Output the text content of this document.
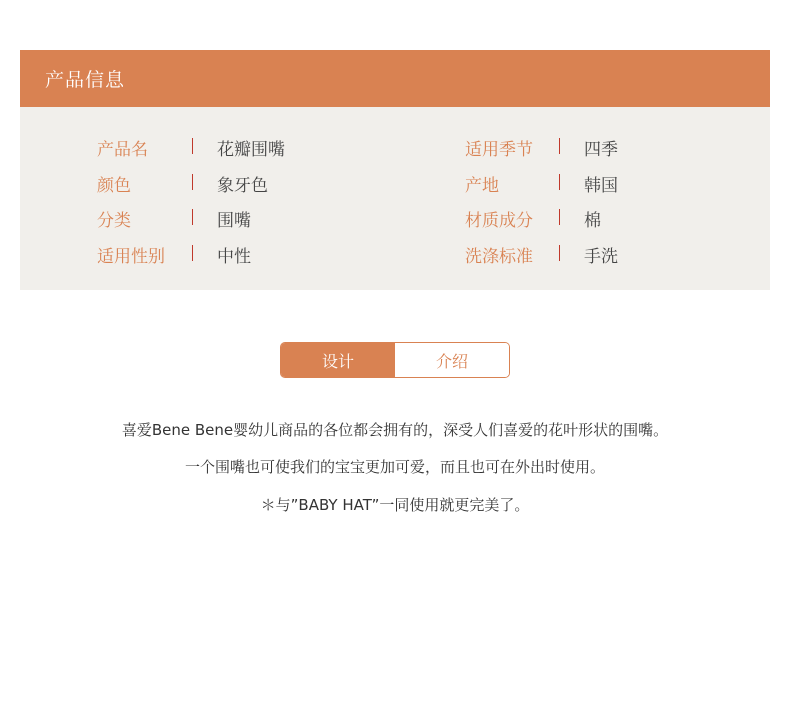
产品信息
产品名	花瓣围嘴
颜色	象牙色
分类	围嘴
适用性别	中性
适用季节	四季
产地	韩国
材质成分	棉
洗涤标准	手洗
设计	介绍
喜爱Bene Bene婴幼儿商品的各位都会拥有的，深受人们喜爱的花叶形状的围嘴。
一个围嘴也可使我们的宝宝更加可爱，而且也可在外出时使用。
＊与”BABY HAT”一同使用就更完美了。
